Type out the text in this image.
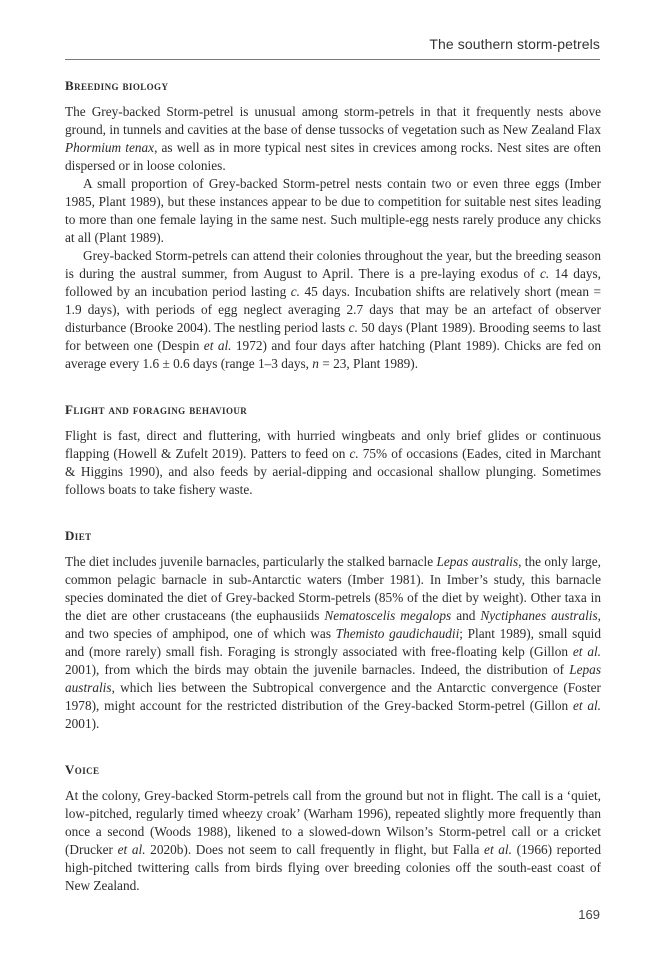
The southern storm-petrels
Breeding biology

The Grey-backed Storm-petrel is unusual among storm-petrels in that it frequently nests above ground, in tunnels and cavities at the base of dense tussocks of vegetation such as New Zealand Flax Phormium tenax, as well as in more typical nest sites in crevices among rocks. Nest sites are often dispersed or in loose colonies.

A small proportion of Grey-backed Storm-petrel nests contain two or even three eggs (Imber 1985, Plant 1989), but these instances appear to be due to competition for suitable nest sites leading to more than one female laying in the same nest. Such multiple-egg nests rarely produce any chicks at all (Plant 1989).

Grey-backed Storm-petrels can attend their colonies throughout the year, but the breeding season is during the austral summer, from August to April. There is a pre-laying exodus of c. 14 days, followed by an incubation period lasting c. 45 days. Incubation shifts are relatively short (mean = 1.9 days), with periods of egg neglect averaging 2.7 days that may be an artefact of observer disturbance (Brooke 2004). The nestling period lasts c. 50 days (Plant 1989). Brooding seems to last for between one (Despin et al. 1972) and four days after hatching (Plant 1989). Chicks are fed on average every 1.6 ± 0.6 days (range 1–3 days, n = 23, Plant 1989).

Flight and foraging behaviour

Flight is fast, direct and fluttering, with hurried wingbeats and only brief glides or continuous flapping (Howell & Zufelt 2019). Patters to feed on c. 75% of occasions (Eades, cited in Marchant & Higgins 1990), and also feeds by aerial-dipping and occasional shallow plunging. Sometimes follows boats to take fishery waste.

Diet

The diet includes juvenile barnacles, particularly the stalked barnacle Lepas australis, the only large, common pelagic barnacle in sub-Antarctic waters (Imber 1981). In Imber’s study, this barnacle species dominated the diet of Grey-backed Storm-petrels (85% of the diet by weight). Other taxa in the diet are other crustaceans (the euphausiids Nematoscelis megalops and Nyctiphanes australis, and two species of amphipod, one of which was Themisto gaudichaudii; Plant 1989), small squid and (more rarely) small fish. Foraging is strongly associated with free-floating kelp (Gillon et al. 2001), from which the birds may obtain the juvenile barnacles. Indeed, the distribution of Lepas australis, which lies between the Subtropical convergence and the Antarctic convergence (Foster 1978), might account for the restricted distribution of the Grey-backed Storm-petrel (Gillon et al. 2001).

Voice

At the colony, Grey-backed Storm-petrels call from the ground but not in flight. The call is a ‘quiet, low-pitched, regularly timed wheezy croak’ (Warham 1996), repeated slightly more frequently than once a second (Woods 1988), likened to a slowed-down Wilson’s Storm-petrel call or a cricket (Drucker et al. 2020b). Does not seem to call frequently in flight, but Falla et al. (1966) reported high-pitched twittering calls from birds flying over breeding colonies off the south-east coast of New Zealand.

169
